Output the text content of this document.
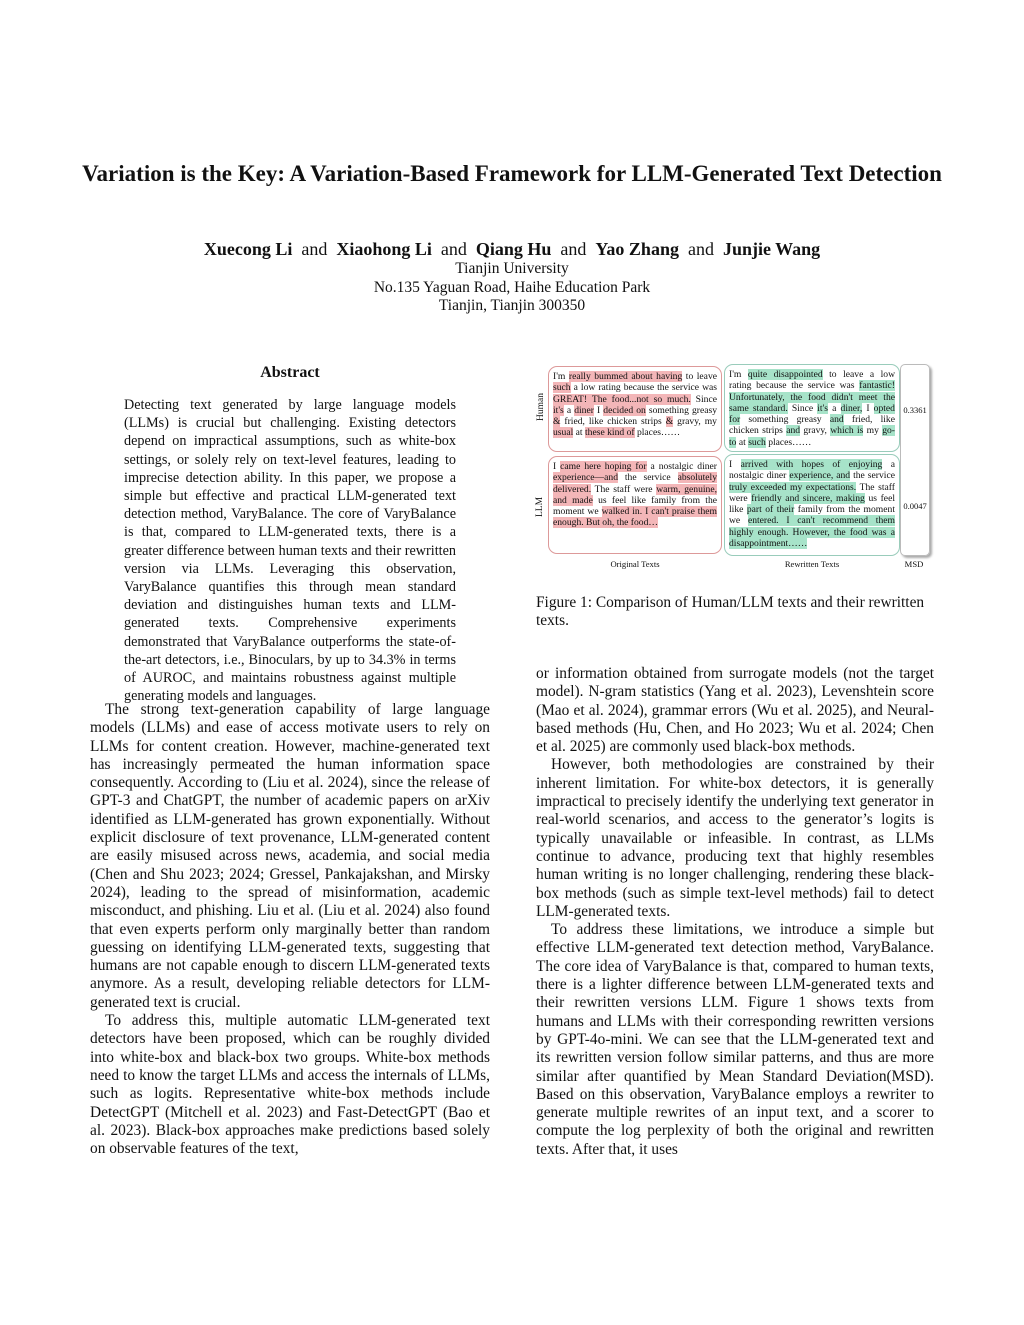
Variation is the Key: A Variation-Based Framework for LLM-Generated Text Detection
Xuecong Li and Xiaohong Li and Qiang Hu and Yao Zhang and Junjie Wang
Tianjin University
No.135 Yaguan Road, Haihe Education Park
Tianjin, Tianjin 300350
Abstract
Detecting text generated by large language models (LLMs) is crucial but challenging. Existing detectors depend on impractical assumptions, such as white-box settings, or solely rely on text-level features, leading to imprecise detection ability. In this paper, we propose a simple but effective and practical LLM-generated text detection method, VaryBalance. The core of VaryBalance is that, compared to LLM-generated texts, there is a greater difference between human texts and their rewritten version via LLMs. Leveraging this observation, VaryBalance quantifies this through mean standard deviation and distinguishes human texts and LLM-generated texts. Comprehensive experiments demonstrated that VaryBalance outperforms the state-of-the-art detectors, i.e., Binoculars, by up to 34.3% in terms of AUROC, and maintains robustness against multiple generating models and languages.

The strong text-generation capability of large language models (LLMs) and ease of access motivate users to rely on LLMs for content creation. However, machine-generated text has increasingly permeated the human information space consequently. According to (Liu et al. 2024), since the release of GPT-3 and ChatGPT, the number of academic papers on arXiv identified as LLM-generated has grown exponentially. Without explicit disclosure of text provenance, LLM-generated content are easily misused across news, academia, and social media (Chen and Shu 2023; 2024; Gressel, Pankajakshan, and Mirsky 2024), leading to the spread of misinformation, academic misconduct, and phishing. Liu et al. (Liu et al. 2024) also found that even experts perform only marginally better than random guessing on identifying LLM-generated texts, suggesting that humans are not capable enough to discern LLM-generated texts anymore. As a result, developing reliable detectors for LLM-generated text is crucial.

To address this, multiple automatic LLM-generated text detectors have been proposed, which can be roughly divided into white-box and black-box two groups. White-box methods need to know the target LLMs and access the internals of LLMs, such as logits. Representative white-box methods include DetectGPT (Mitchell et al. 2023) and Fast-DetectGPT (Bao et al. 2023). Black-box approaches make predictions based solely on observable features of the text,

Human
LLM
I'm really bummed about having to leave such a low rating because the service was GREAT! The food...not so much. Since it's a diner I decided on something greasy & fried, like chicken strips & gravy, my usual at these kind of places……
I'm quite disappointed to leave a low rating because the service was fantastic! Unfortunately, the food didn't meet the same standard. Since it's a diner, I opted for something greasy and fried, like chicken strips and gravy, which is my go-to at such places……
I came here hoping for a nostalgic diner experience—and the service absolutely delivered. The staff were warm, genuine, and made us feel like family from the moment we walked in. I can't praise them enough. But oh, the food…
I arrived with hopes of enjoying a nostalgic diner experience, and the service truly exceeded my expectations. The staff were friendly and sincere, making us feel like part of their family from the moment we entered. I can't recommend them highly enough. However, the food was a disappointment……
0.3361
0.0047
Original Texts	Rewritten Texts	MSD
Figure 1: Comparison of Human/LLM texts and their rewritten texts.

or information obtained from surrogate models (not the target model). N-gram statistics (Yang et al. 2023), Levenshtein score (Mao et al. 2024), grammar errors (Wu et al. 2025), and Neural-based methods (Hu, Chen, and Ho 2023; Wu et al. 2024; Chen et al. 2025) are commonly used black-box methods.

However, both methodologies are constrained by their inherent limitation. For white-box detectors, it is generally impractical to precisely identify the underlying text generator in real-world scenarios, and access to the generator’s logits is typically unavailable or infeasible. In contrast, as LLMs continue to advance, producing text that highly resembles human writing is no longer challenging, rendering these black-box methods (such as simple text-level methods) fail to detect LLM-generated texts.

To address these limitations, we introduce a simple but effective LLM-generated text detection method, VaryBalance. The core idea of VaryBalance is that, compared to human texts, there is a lighter difference between LLM-generated texts and their rewritten versions LLM. Figure 1 shows texts from humans and LLMs with their corresponding rewritten versions by GPT-4o-mini. We can see that the LLM-generated text and its rewritten version follow similar patterns, and thus are more similar after quantified by Mean Standard Deviation(MSD). Based on this observation, VaryBalance employs a rewriter to generate multiple rewrites of an input text, and a scorer to compute the log perplexity of both the original and rewritten texts. After that, it uses
